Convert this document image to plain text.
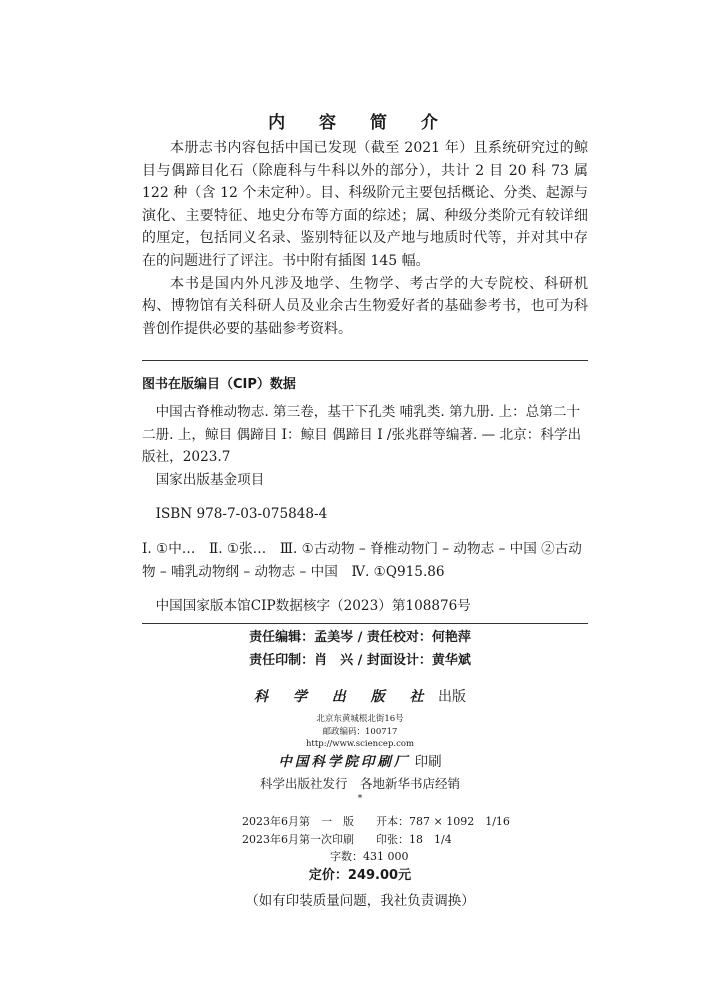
内 容 简 介

本册志书内容包括中国已发现（截至 2021 年）且系统研究过的鲸目与偶蹄目化石（除鹿科与牛科以外的部分），共计 2 目 20 科 73 属 122 种（含 12 个未定种）。目、科级阶元主要包括概论、分类、起源与演化、主要特征、地史分布等方面的综述；属、种级分类阶元有较详细的厘定，包括同义名录、鉴别特征以及产地与地质时代等，并对其中存在的问题进行了评注。书中附有插图 145 幅。

本书是国内外凡涉及地学、生物学、考古学的大专院校、科研机构、博物馆有关科研人员及业余古生物爱好者的基础参考书，也可为科普创作提供必要的基础参考资料。

图书在版编目（CIP）数据

中国古脊椎动物志. 第三卷，基干下孔类 哺乳类. 第九册. 上：总第二十二册. 上，鲸目 偶蹄目 I：鲸目 偶蹄目 I /张兆群等编著. — 北京：科学出版社，2023.7

国家出版基金项目

ISBN 978-7-03-075848-4

Ⅰ. ①中…　Ⅱ. ①张…　Ⅲ. ①古动物 – 脊椎动物门 – 动物志 – 中国 ②古动物 – 哺乳动物纲 – 动物志 – 中国　Ⅳ. ①Q915.86

中国国家版本馆CIP数据核字（2023）第108876号

责任编辑：孟美岑 / 责任校对：何艳萍
责任印制：肖　兴 / 封面设计：黄华斌
科 学 出 版 社 出版
北京东黄城根北街16号
邮政编码：100717
http://www.sciencep.com
中国科学院印刷厂 印刷
科学出版社发行　各地新华书店经销
*
2023年6月第　一　版　　开本：787 × 1092　1/16
2023年6月第一次印刷　　印张：18　1/4
　　　　　　　　字数：431 000
定价：249.00元
（如有印装质量问题，我社负责调换）
